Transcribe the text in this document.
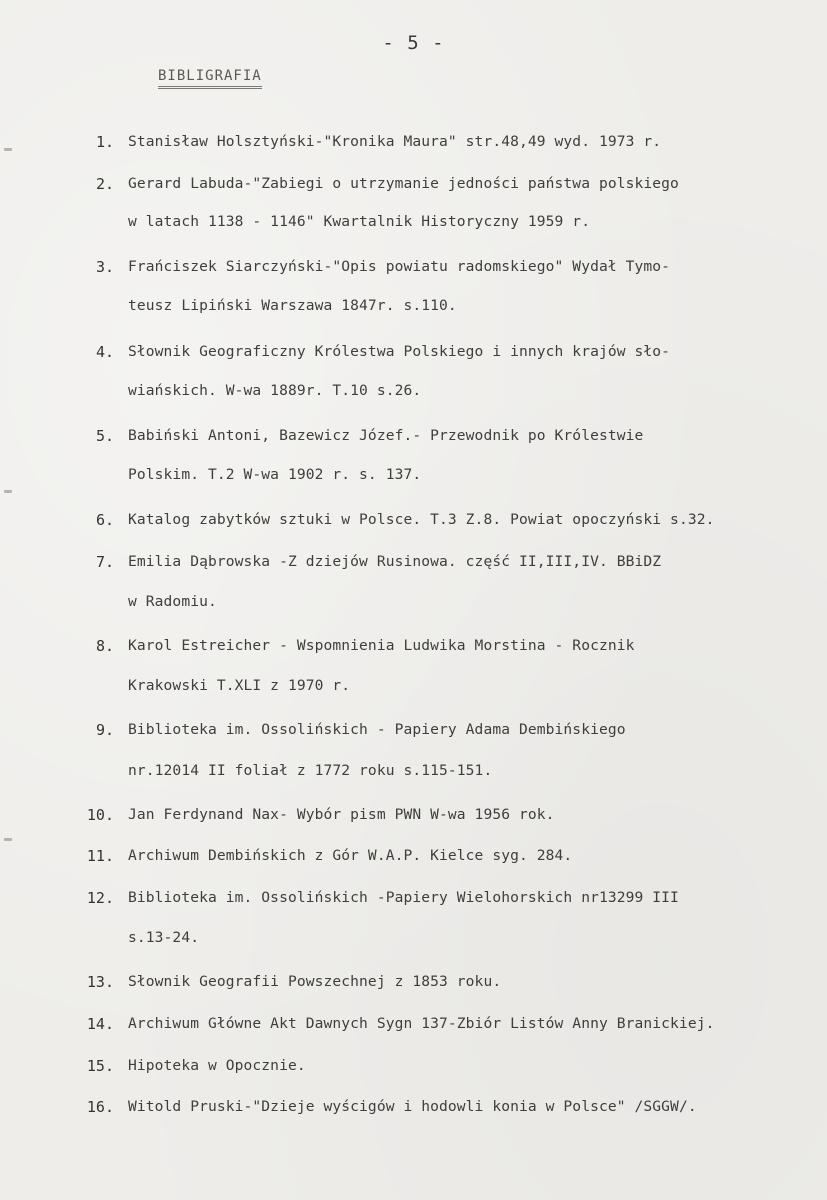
- 5 -
BIBLIGRAFIA
1. Stanisław Holsztyński-"Kronika Maura" str.48,49 wyd. 1973 r.
2. Gerard Labuda-"Zabiegi o utrzymanie jedności państwa polskiego
w latach 1138 - 1146" Kwartalnik Historyczny 1959 r.
3. Frańciszek Siarczyński-"Opis powiatu radomskiego" Wydał Tymo-
teusz Lipiński Warszawa 1847r. s.110.
4. Słownik Geograficzny Królestwa Polskiego i innych krajów sło-
wiańskich. W-wa 1889r. T.10 s.26.
5. Babiński Antoni, Bazewicz Józef.- Przewodnik po Królestwie
Polskim. T.2 W-wa 1902 r. s. 137.
6. Katalog zabytków sztuki w Polsce. T.3 Z.8. Powiat opoczyński s.32.
7. Emilia Dąbrowska -Z dziejów Rusinowa. część II,III,IV. BBiDZ
w Radomiu.
8. Karol Estreicher - Wspomnienia Ludwika Morstina - Rocznik
Krakowski T.XLI z 1970 r.
9. Biblioteka im. Ossolińskich - Papiery Adama Dembińskiego
nr.12014 II foliał z 1772 roku s.115-151.
10. Jan Ferdynand Nax- Wybór pism PWN W-wa 1956 rok.
11. Archiwum Dembińskich z Gór W.A.P. Kielce syg. 284.
12. Biblioteka im. Ossolińskich -Papiery Wielohorskich nr13299 III
s.13-24.
13. Słownik Geografii Powszechnej z 1853 roku.
14. Archiwum Główne Akt Dawnych Sygn 137-Zbiór Listów Anny Branickiej.
15. Hipoteka w Opocznie.
16. Witold Pruski-"Dzieje wyścigów i hodowli konia w Polsce" /SGGW/.
